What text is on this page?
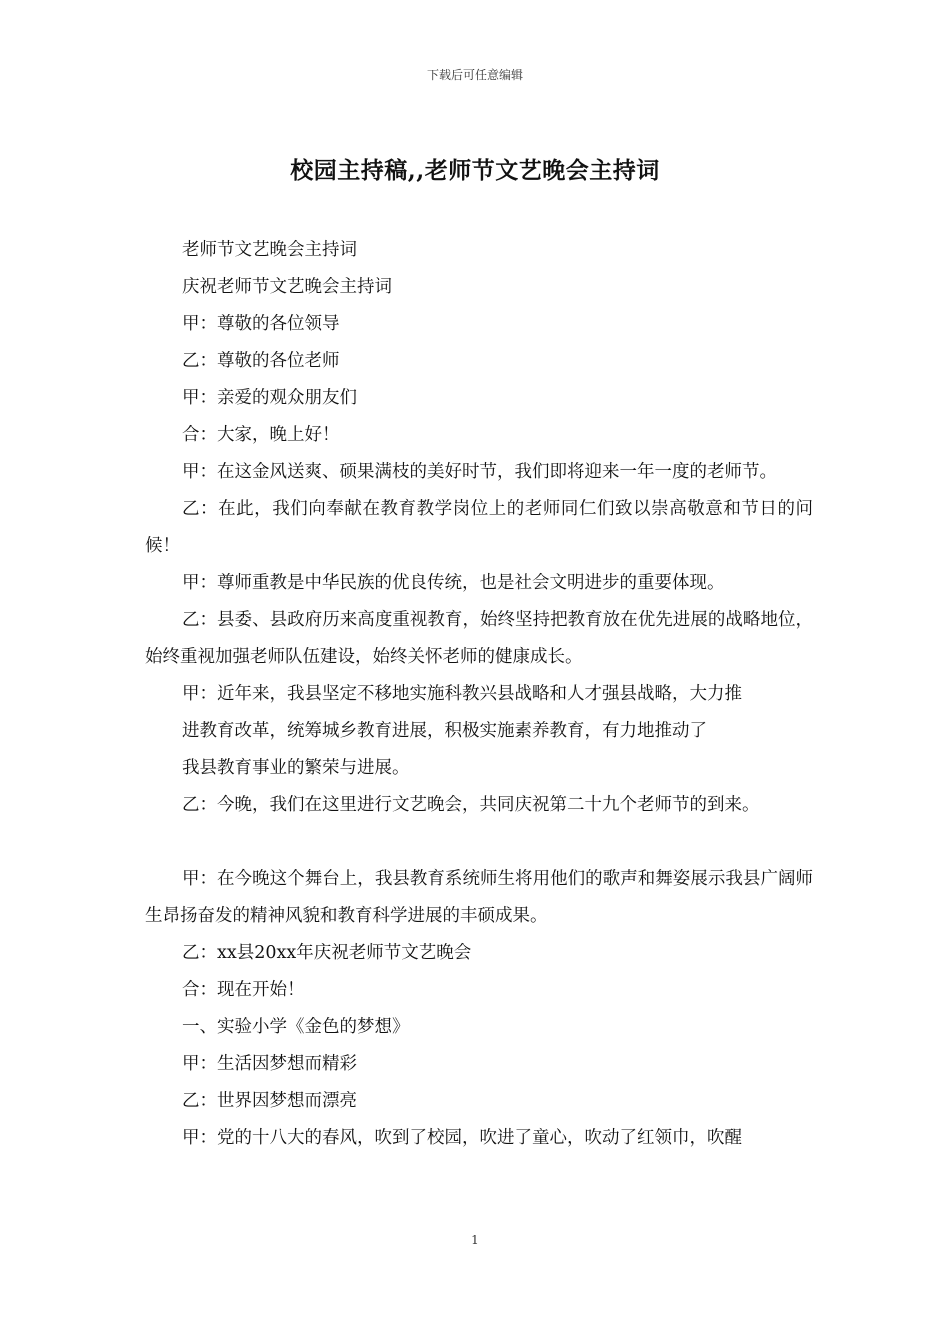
下载后可任意编辑
校园主持稿,,老师节文艺晚会主持词

老师节文艺晚会主持词

庆祝老师节文艺晚会主持词

甲：尊敬的各位领导

乙：尊敬的各位老师

甲：亲爱的观众朋友们

合：大家，晚上好！

甲：在这金风送爽、硕果满枝的美好时节，我们即将迎来一年一度的老师节。

乙：在此，我们向奉献在教育教学岗位上的老师同仁们致以崇高敬意和节日的问候！

甲：尊师重教是中华民族的优良传统，也是社会文明进步的重要体现。

乙：县委、县政府历来高度重视教育，始终坚持把教育放在优先进展的战略地位，始终重视加强老师队伍建设，始终关怀老师的健康成长。

甲：近年来，我县坚定不移地实施科教兴县战略和人才强县战略，大力推

进教育改革，统筹城乡教育进展，积极实施素养教育，有力地推动了

我县教育事业的繁荣与进展。

乙：今晚，我们在这里进行文艺晚会，共同庆祝第二十九个老师节的到来。

甲：在今晚这个舞台上，我县教育系统师生将用他们的歌声和舞姿展示我县广阔师生昂扬奋发的精神风貌和教育科学进展的丰硕成果。

乙：xx县20xx年庆祝老师节文艺晚会

合：现在开始！

一、实验小学《金色的梦想》

甲：生活因梦想而精彩

乙：世界因梦想而漂亮

甲：党的十八大的春风，吹到了校园，吹进了童心，吹动了红领巾，吹醒

1
